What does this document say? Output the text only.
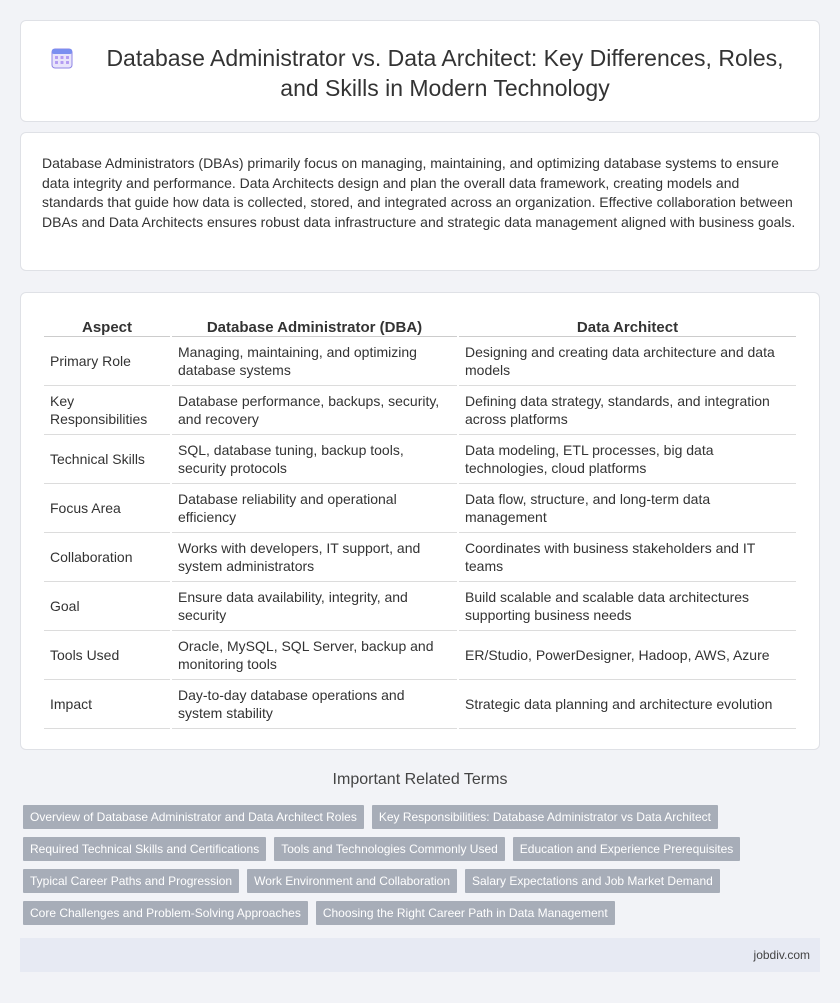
Database Administrator vs. Data Architect: Key Differences, Roles, and Skills in Modern Technology

Database Administrators (DBAs) primarily focus on managing, maintaining, and optimizing database systems to ensure data integrity and performance. Data Architects design and plan the overall data framework, creating models and standards that guide how data is collected, stored, and integrated across an organization. Effective collaboration between DBAs and Data Architects ensures robust data infrastructure and strategic data management aligned with business goals.

Aspect	Database Administrator (DBA)	Data Architect
Primary Role	Managing, maintaining, and optimizing database systems	Designing and creating data architecture and data models
Key Responsibilities	Database performance, backups, security, and recovery	Defining data strategy, standards, and integration across platforms
Technical Skills	SQL, database tuning, backup tools, security protocols	Data modeling, ETL processes, big data technologies, cloud platforms
Focus Area	Database reliability and operational efficiency	Data flow, structure, and long-term data management
Collaboration	Works with developers, IT support, and system administrators	Coordinates with business stakeholders and IT teams
Goal	Ensure data availability, integrity, and security	Build scalable and scalable data architectures supporting business needs
Tools Used	Oracle, MySQL, SQL Server, backup and monitoring tools	ER/Studio, PowerDesigner, Hadoop, AWS, Azure
Impact	Day-to-day database operations and system stability	Strategic data planning and architecture evolution
Important Related Terms
Overview of Database Administrator and Data Architect Roles	Key Responsibilities: Database Administrator vs Data Architect
Required Technical Skills and Certifications	Tools and Technologies Commonly Used	Education and Experience Prerequisites
Typical Career Paths and Progression	Work Environment and Collaboration	Salary Expectations and Job Market Demand
Core Challenges and Problem-Solving Approaches	Choosing the Right Career Path in Data Management
jobdiv.com
